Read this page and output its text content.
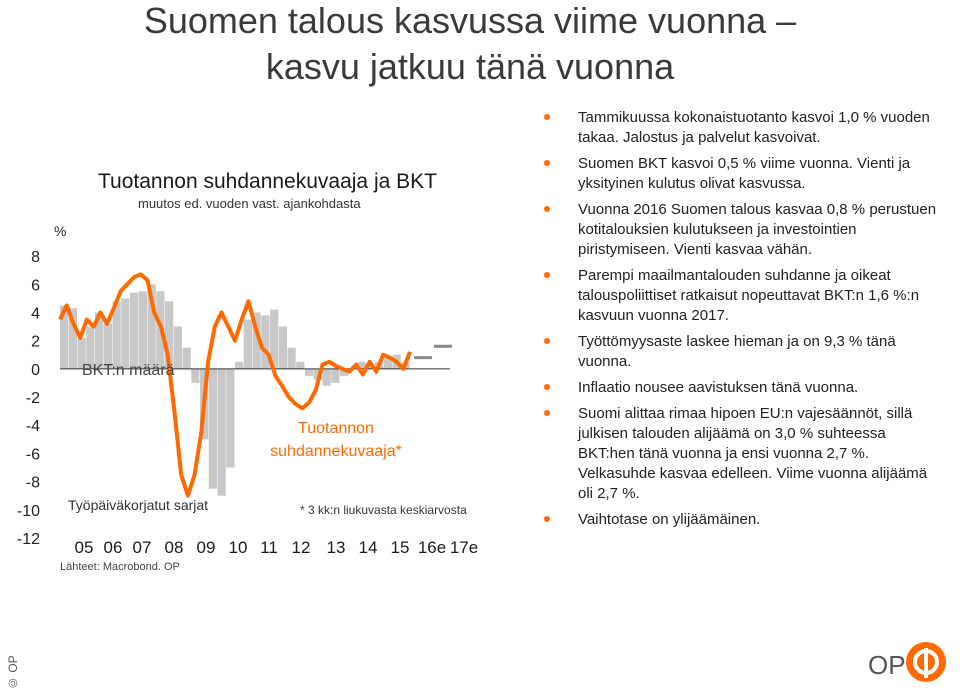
Suomen talous kasvussa viime vuonna –
kasvu jatkuu tänä vuonna
Tuotannon suhdannekuvaaja ja BKT
muutos ed. vuoden vast. ajankohdasta
%
8
6
4
2
0
-2
-4
-6
-8
-10
-12
BKT:n määrä
Tuotannon
suhdannekuvaaja*
Työpäiväkorjatut sarjat	* 3 kk:n liukuvasta keskiarvosta
05 06 07 08 09 10 11 12 13 14 15 16e 17e
Lähteet: Macrobond. OP
Tammikuussa kokonaistuotanto kasvoi 1,0 % vuoden takaa. Jalostus ja palvelut kasvoivat.
Suomen BKT kasvoi 0,5 % viime vuonna. Vienti ja yksityinen kulutus olivat kasvussa.
Vuonna 2016 Suomen talous kasvaa 0,8 % perustuen kotitalouksien kulutukseen ja investointien piristymiseen. Vienti kasvaa vähän.
Parempi maailmantalouden suhdanne ja oikeat talouspoliittiset ratkaisut nopeuttavat BKT:n 1,6 %:n kasvuun vuonna 2017.
Työttömyysaste laskee hieman ja on 9,3 % tänä vuonna.
Inflaatio nousee aavistuksen tänä vuonna.
Suomi alittaa rimaa hipoen EU:n vajesäännöt, sillä julkisen talouden alijäämä on 3,0 % suhteessa BKT:hen tänä vuonna ja ensi vuonna 2,7 %. Velkasuhde kasvaa edelleen. Viime vuonna alijäämä oli 2,7 %.
Vaihtotase on ylijäämäinen.
© OP	OP
